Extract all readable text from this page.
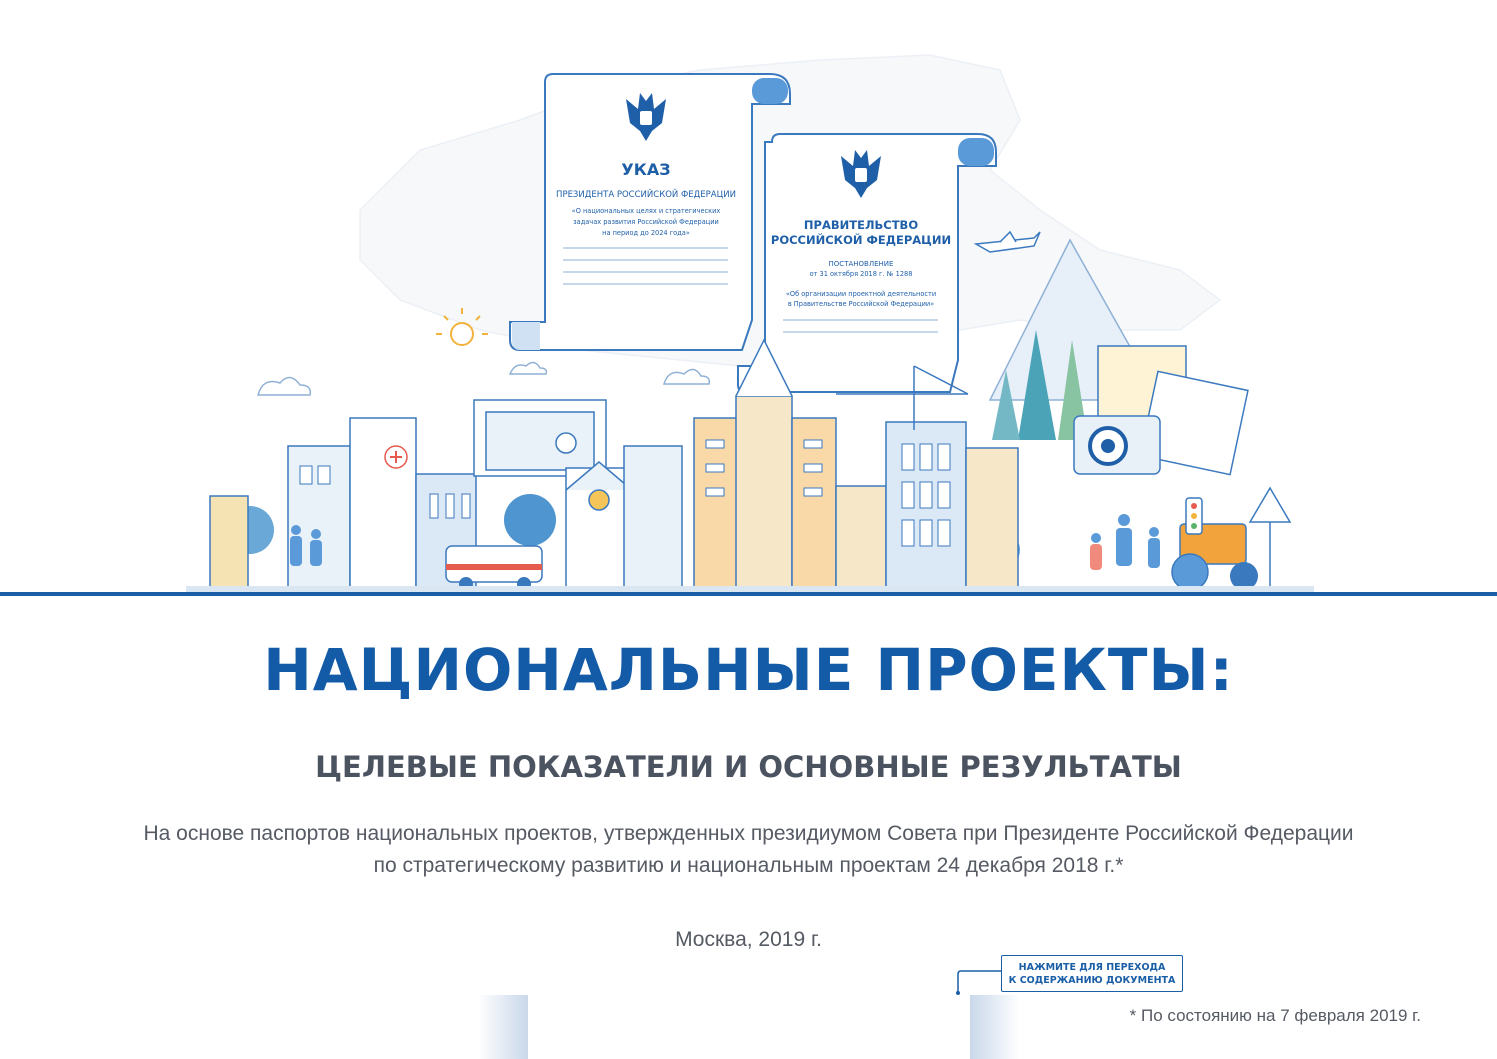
УКАЗ
ПРЕЗИДЕНТА РОССИЙСКОЙ ФЕДЕРАЦИИ
«О национальных целях и стратегических
задачах развития Российской Федерации
на период до 2024 года»
ПРАВИТЕЛЬСТВО
РОССИЙСКОЙ ФЕДЕРАЦИИ
ПОСТАНОВЛЕНИЕ
от 31 октября 2018 г. № 1288
«Об организации проектной деятельности
в Правительстве Российской Федерации»
НАЦИОНАЛЬНЫЕ ПРОЕКТЫ:
ЦЕЛЕВЫЕ ПОКАЗАТЕЛИ И ОСНОВНЫЕ РЕЗУЛЬТАТЫ
На основе паспортов национальных проектов, утвержденных президиумом Совета при Президенте Российской Федерации
по стратегическому развитию и национальным проектам 24 декабря 2018 г.*
Москва, 2019 г.
НАЖМИТЕ ДЛЯ ПЕРЕХОДА
К СОДЕРЖАНИЮ ДОКУМЕНТА
* По состоянию на 7 февраля 2019 г.
